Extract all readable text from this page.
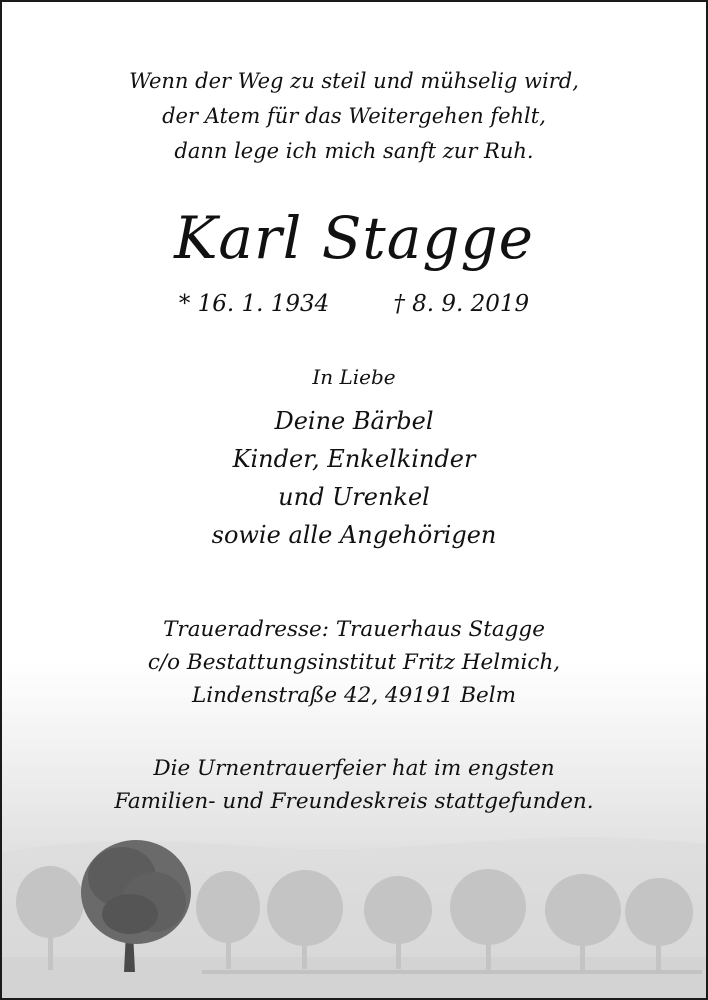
Wenn der Weg zu steil und mühselig wird,
der Atem für das Weitergehen fehlt,
dann lege ich mich sanft zur Ruh.
Karl Stagge
* 16. 1. 1934	† 8. 9. 2019
In Liebe
Deine Bärbel
Kinder, Enkelkinder
und Urenkel
sowie alle Angehörigen
Traueradresse: Trauerhaus Stagge
c/o Bestattungsinstitut Fritz Helmich,
Lindenstraße 42, 49191 Belm
Die Urnentrauerfeier hat im engsten
Familien- und Freundeskreis stattgefunden.
